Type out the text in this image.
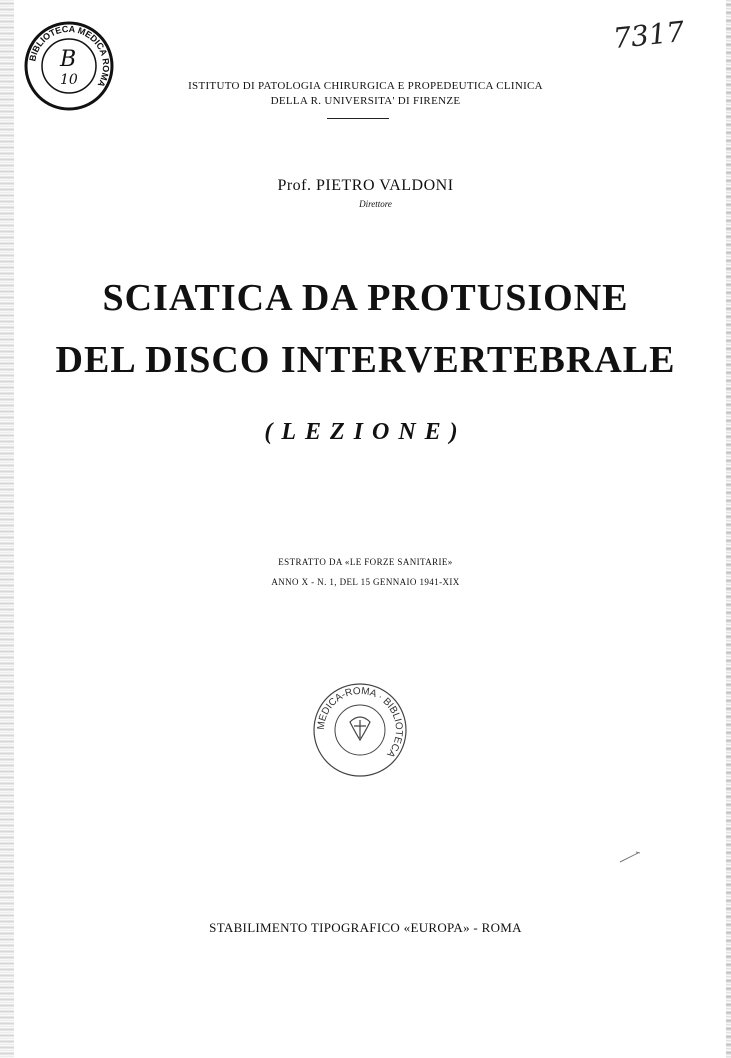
BIBLIOTECA MEDICA ROMA
B
10
7317
ISTITUTO DI PATOLOGIA CHIRURGICA E PROPEDEUTICA CLINICA
DELLA R. UNIVERSITA' DI FIRENZE
Prof. PIETRO VALDONI
Direttore
SCIATICA DA PROTUSIONE
DEL DISCO INTERVERTEBRALE
(LEZIONE)
ESTRATTO DA «LE FORZE SANITARIE»
ANNO X - N. 1, DEL 15 GENNAIO 1941-XIX
MEDICA-ROMA · BIBLIOTECA
STABILIMENTO TIPOGRAFICO «EUROPA» - ROMA
